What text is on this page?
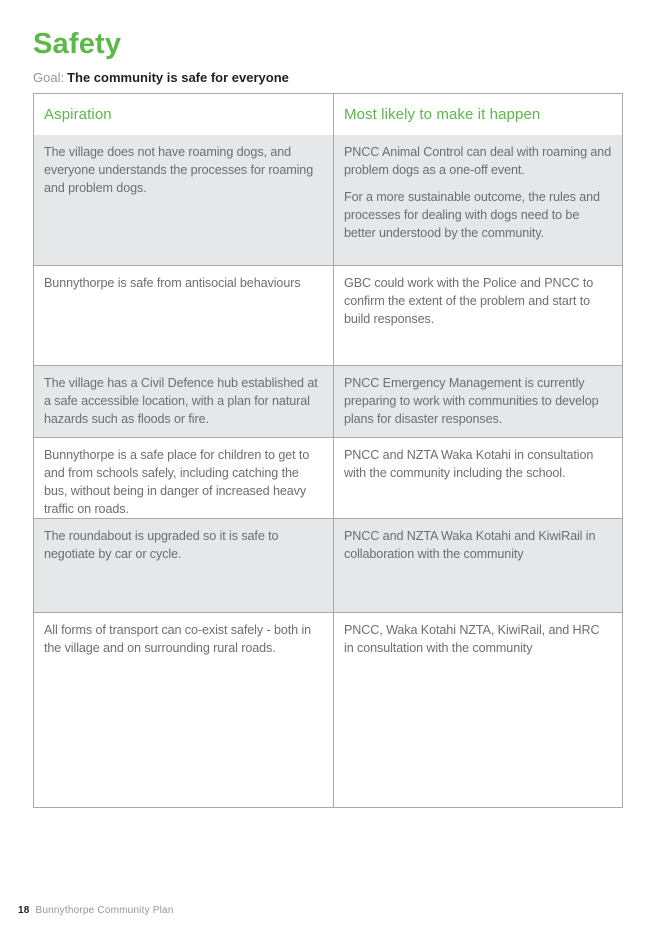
Safety

Goal: The community is safe for everyone

Aspiration	Most likely to make it happen

The village does not have roaming dogs, and everyone understands the processes for roaming and problem dogs.

PNCC Animal Control can deal with roaming and problem dogs as a one-off event.

For a more sustainable outcome, the rules and processes for dealing with dogs need to be better understood by the community.

Bunnythorpe is safe from antisocial behaviours	GBC could work with the Police and PNCC to confirm the extent of the problem and start to build responses.

The village has a Civil Defence hub established at a safe accessible location, with a plan for natural hazards such as floods or fire.

PNCC Emergency Management is currently preparing to work with communities to develop plans for disaster responses.

Bunnythorpe is a safe place for children to get to and from schools safely, including catching the bus, without being in danger of increased heavy traffic on roads.

PNCC and NZTA Waka Kotahi in consultation with the community including the school.

The roundabout is upgraded so it is safe to negotiate by car or cycle.

PNCC and NZTA Waka Kotahi and KiwiRail in collaboration with the community

All forms of transport can co-exist safely - both in the village and on surrounding rural roads.

PNCC, Waka Kotahi NZTA, KiwiRail, and HRC in consultation with the community

18 Bunnythorpe Community Plan
